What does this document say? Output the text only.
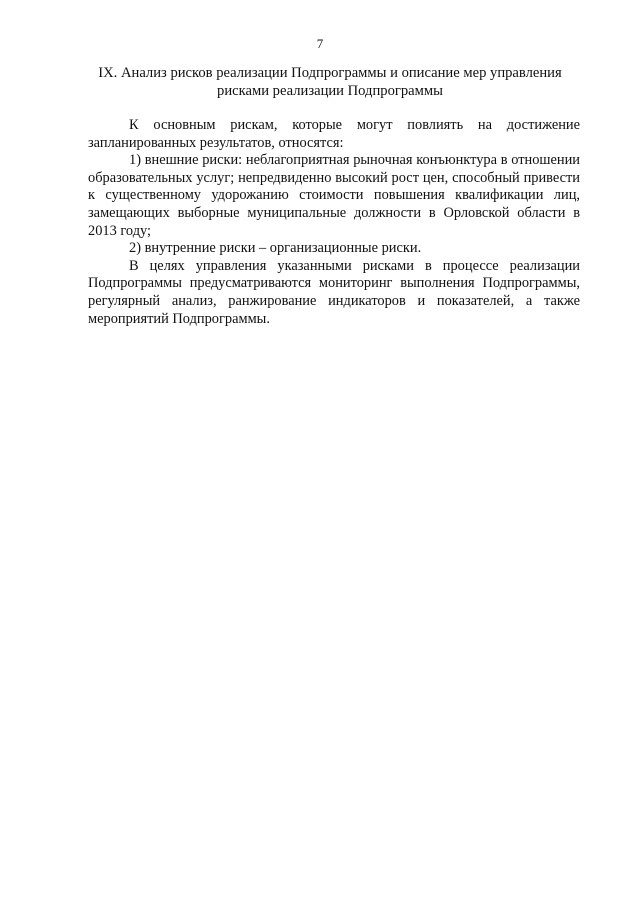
7
IX. Анализ рисков реализации Подпрограммы и описание мер управления
рисками реализации Подпрограммы

К основным рискам, которые могут повлиять на достижение запланированных результатов, относятся:

1) внешние риски: неблагоприятная рыночная конъюнктура в отношении образовательных услуг; непредвиденно высокий рост цен, способный привести к существенному удорожанию стоимости повышения квалификации лиц, замещающих выборные муниципальные должности в Орловской области в 2013 году;

2) внутренние риски – организационные риски.

В целях управления указанными рисками в процессе реализации Подпрограммы предусматриваются мониторинг выполнения Подпрограммы, регулярный анализ, ранжирование индикаторов и показателей, а также мероприятий Подпрограммы.
